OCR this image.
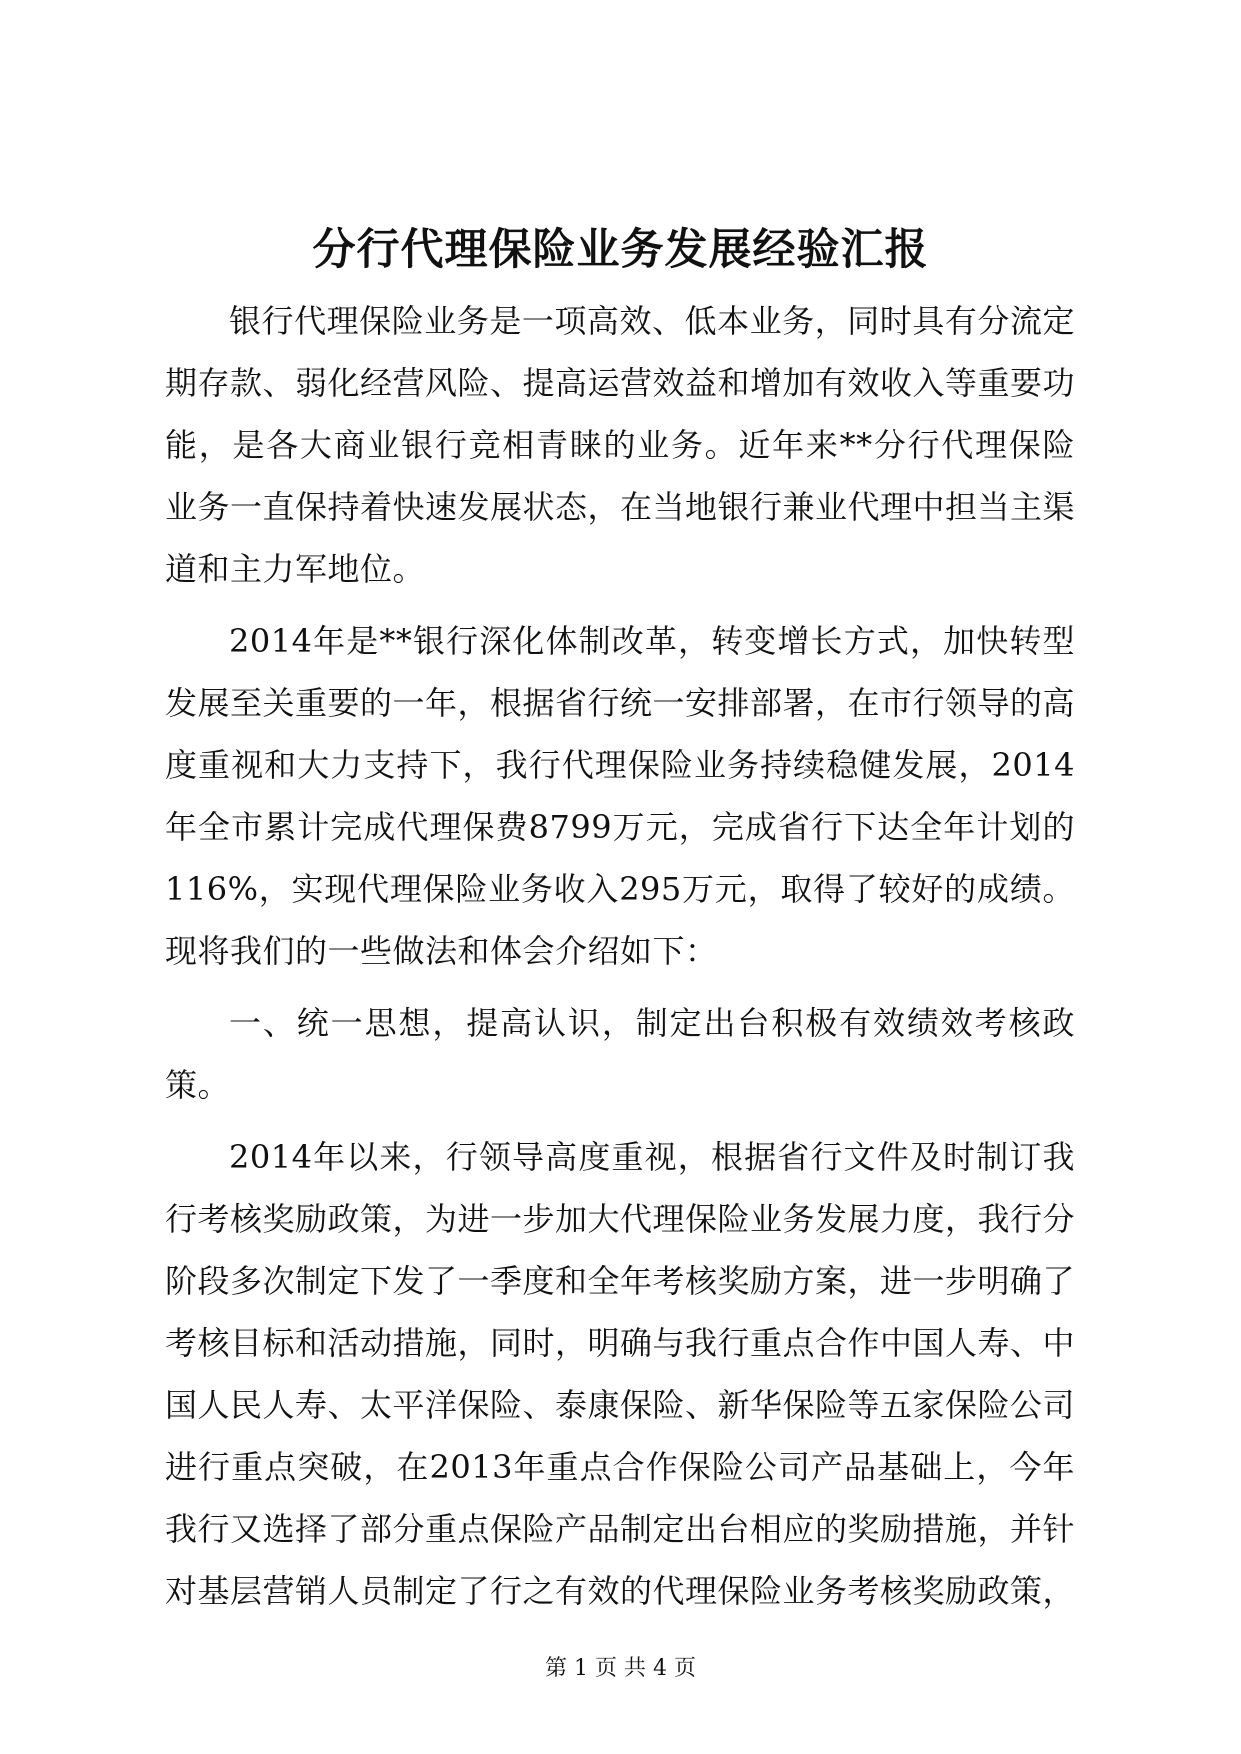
分行代理保险业务发展经验汇报

银行代理保险业务是一项高效、低本业务，同时具有分流定期存款、弱化经营风险、提高运营效益和增加有效收入等重要功能，是各大商业银行竞相青睐的业务。近年来**分行代理保险业务一直保持着快速发展状态，在当地银行兼业代理中担当主渠道和主力军地位。

2014年是**银行深化体制改革，转变增长方式，加快转型发展至关重要的一年，根据省行统一安排部署，在市行领导的高度重视和大力支持下，我行代理保险业务持续稳健发展，2014年全市累计完成代理保费8799万元，完成省行下达全年计划的116%，实现代理保险业务收入295万元，取得了较好的成绩。现将我们的一些做法和体会介绍如下：

一、统一思想，提高认识，制定出台积极有效绩效考核政策。

2014年以来，行领导高度重视，根据省行文件及时制订我行考核奖励政策，为进一步加大代理保险业务发展力度，我行分阶段多次制定下发了一季度和全年考核奖励方案，进一步明确了考核目标和活动措施，同时，明确与我行重点合作中国人寿、中国人民人寿、太平洋保险、泰康保险、新华保险等五家保险公司进行重点突破，在2013年重点合作保险公司产品基础上，今年我行又选择了部分重点保险产品制定出台相应的奖励措施，并针对基层营销人员制定了行之有效的代理保险业务考核奖励政策，

第 1 页 共 4 页
